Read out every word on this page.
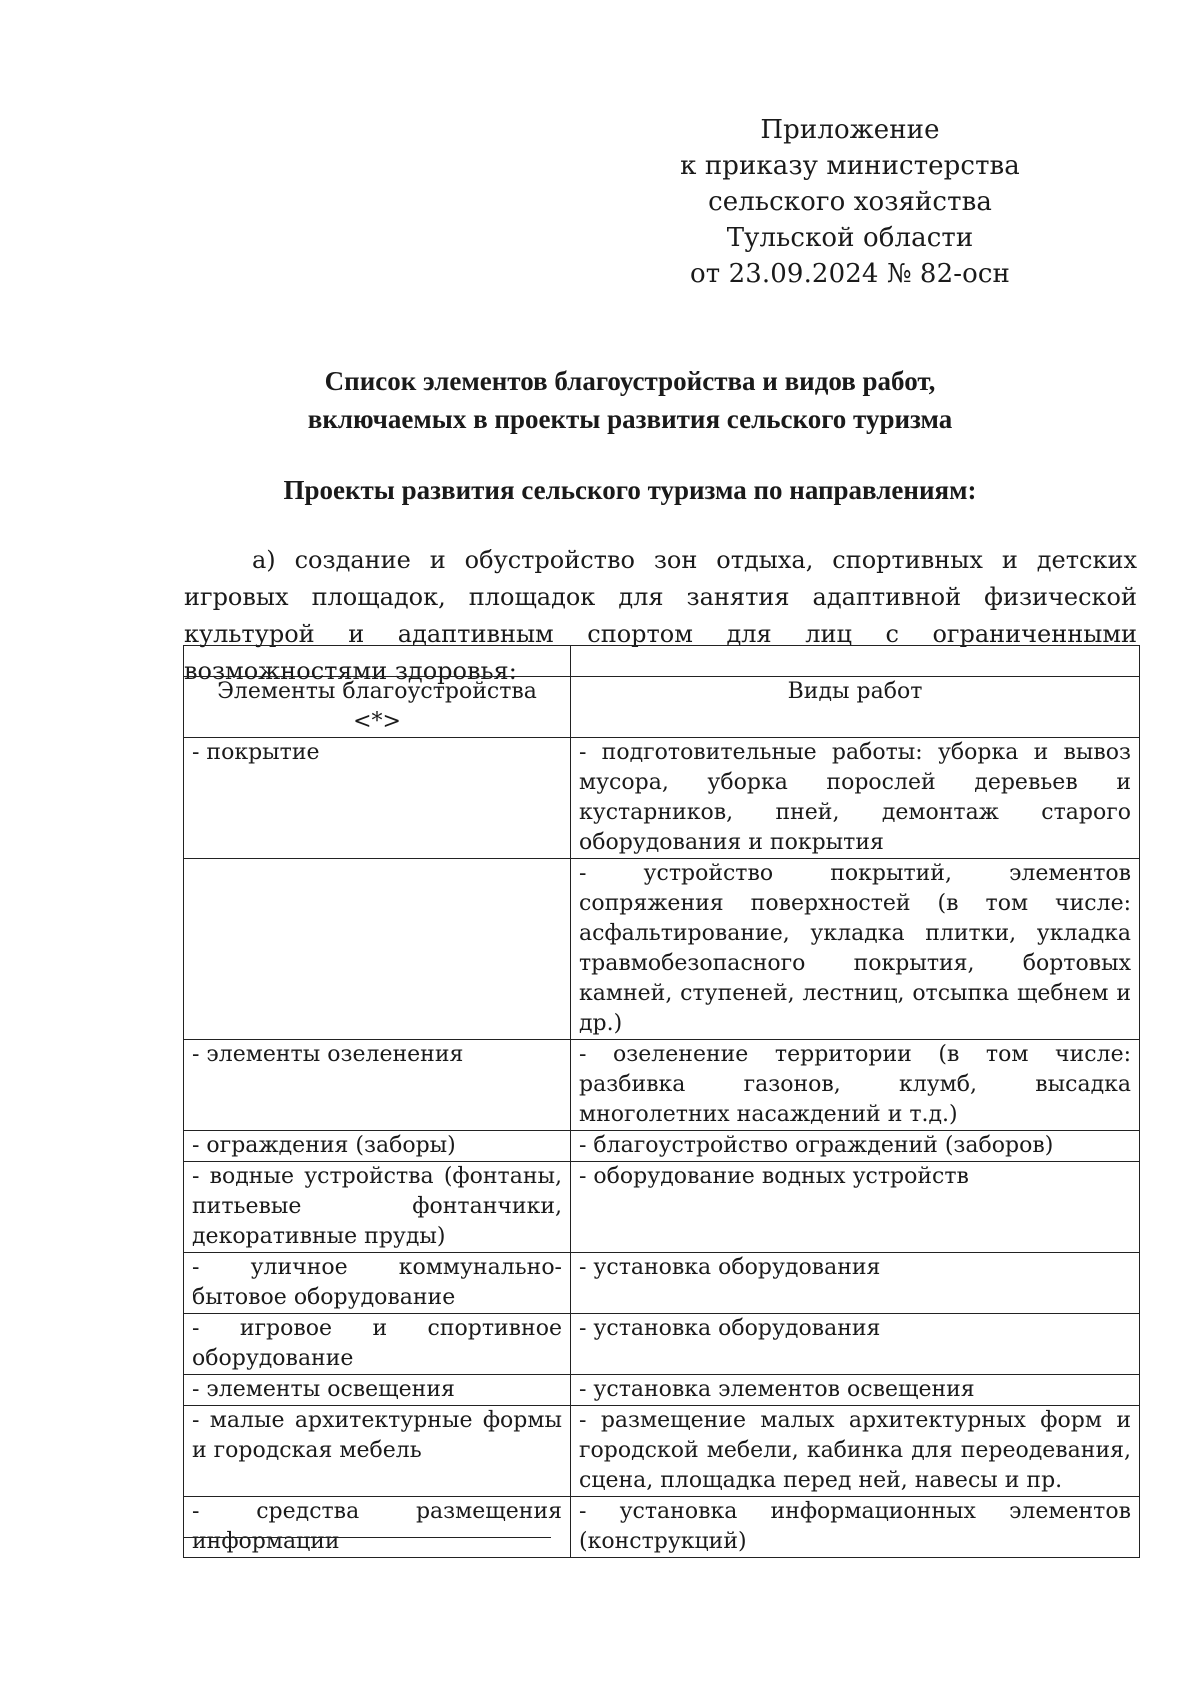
Приложение
к приказу министерства
сельского хозяйства
Тульской области
от 23.09.2024 № 82-осн
Список элементов благоустройства и видов работ,
включаемых в проекты развития сельского туризма
Проекты развития сельского туризма по направлениям:
а) создание и обустройство зон отдыха, спортивных и детских игровых площадок, площадок для занятия адаптивной физической культурой и адаптивным спортом для лиц с ограниченными возможностями здоровья:

Элементы благоустройства <*>	Виды работ
- покрытие	- подготовительные работы: уборка и вывоз мусора, уборка порослей деревьев и кустарников, пней, демонтаж старого оборудования и покрытия
	- устройство покрытий, элементов сопряжения поверхностей (в том числе: асфальтирование, укладка плитки, укладка травмобезопасного покрытия, бортовых камней, ступеней, лестниц, отсыпка щебнем и др.)
- элементы озеленения	- озеленение территории (в том числе: разбивка газонов, клумб, высадка многолетних насаждений и т.д.)
- ограждения (заборы)	- благоустройство ограждений (заборов)
- водные устройства (фонтаны, питьевые фонтанчики, декоративные пруды)	- оборудование водных устройств
- уличное коммунально-бытовое оборудование	- установка оборудования
- игровое и спортивное оборудование	- установка оборудования
- элементы освещения	- установка элементов освещения
- малые архитектурные формы и городская мебель	- размещение малых архитектурных форм и городской мебели, кабинка для переодевания, сцена, площадка перед ней, навесы и пр.
- средства размещения информации	- установка информационных элементов (конструкций)
